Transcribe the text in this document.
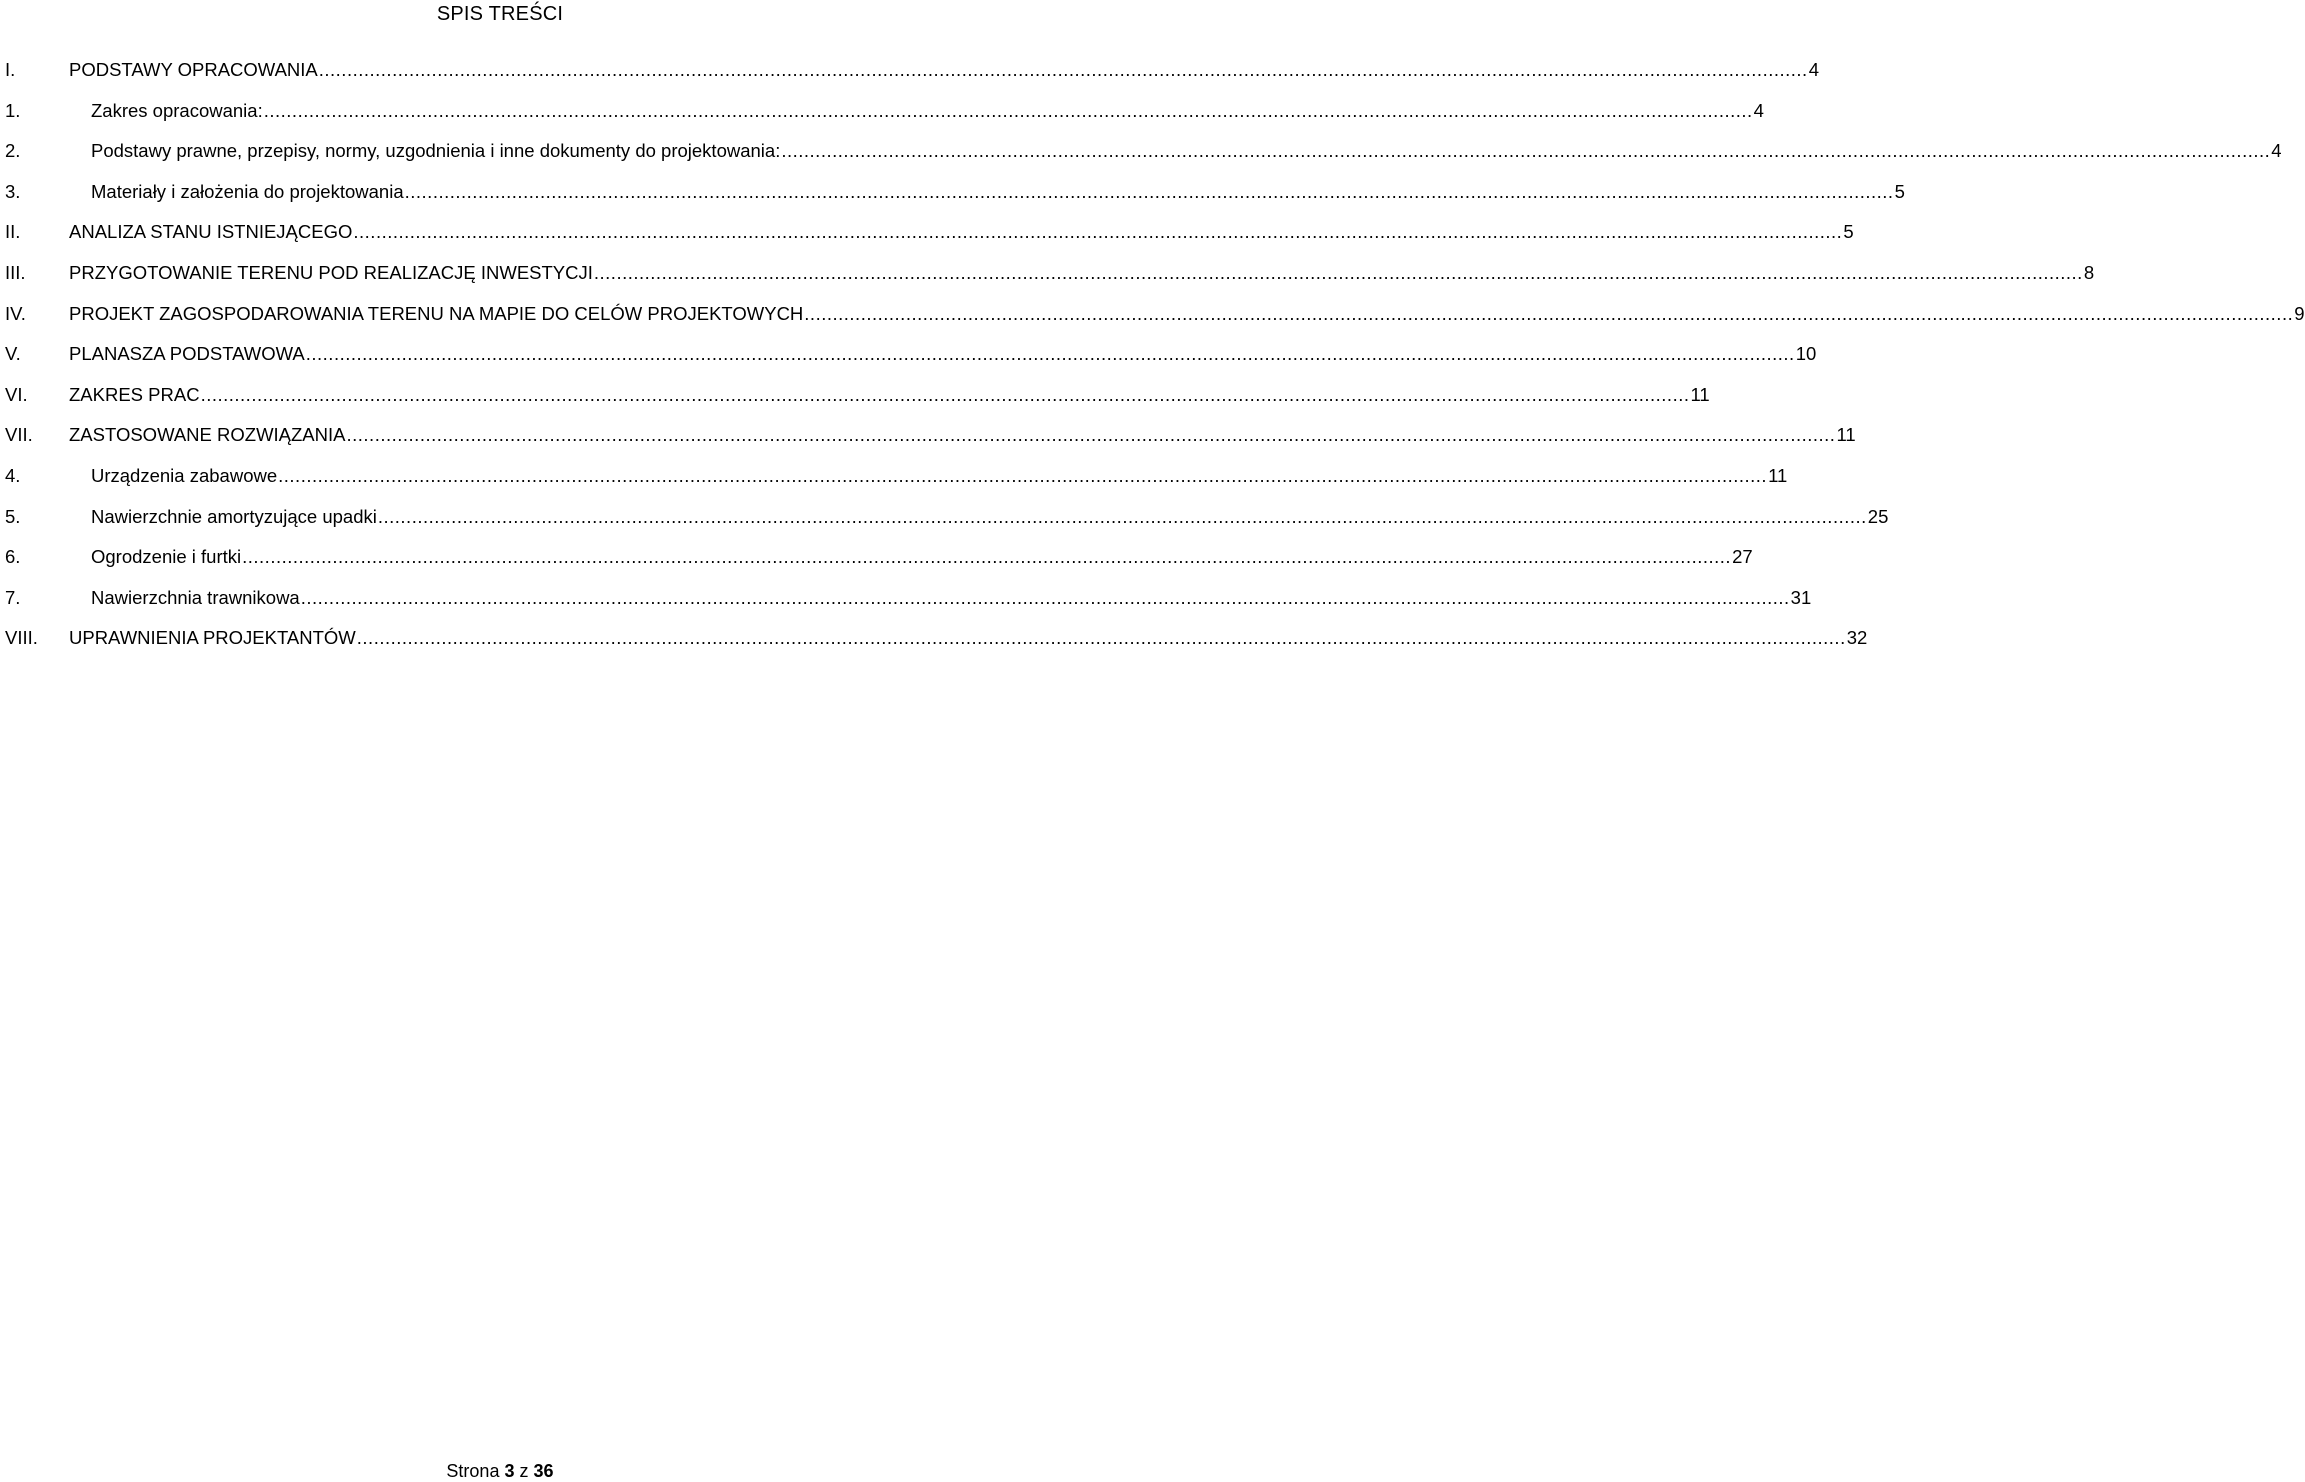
SPIS TREŚCI
I.	PODSTAWY OPRACOWANIA .....	4
1.	Zakres opracowania: .....	4
2.	Podstawy prawne, przepisy, normy, uzgodnienia i inne dokumenty do projektowania: .....	4
3.	Materiały i założenia do projektowania .....	5
II.	ANALIZA STANU ISTNIEJĄCEGO .....	5
III. PRZYGOTOWANIE TERENU POD REALIZACJĘ INWESTYCJI .....	8
IV. PROJEKT ZAGOSPODAROWANIA TERENU NA MAPIE DO CELÓW PROJEKTOWYCH .....	9
V.	PLANASZA PODSTAWOWA .....	10
VI. ZAKRES PRAC .....	11
VII. ZASTOSOWANE ROZWIĄZANIA .....	11
4.	Urządzenia zabawowe .....	11
5.	Nawierzchnie amortyzujące upadki .....	25
6.	Ogrodzenie i furtki .....	27
7.	Nawierzchnia trawnikowa .....	31
VIII. UPRAWNIENIA PROJEKTANTÓW .....	32
Strona 3 z 36
